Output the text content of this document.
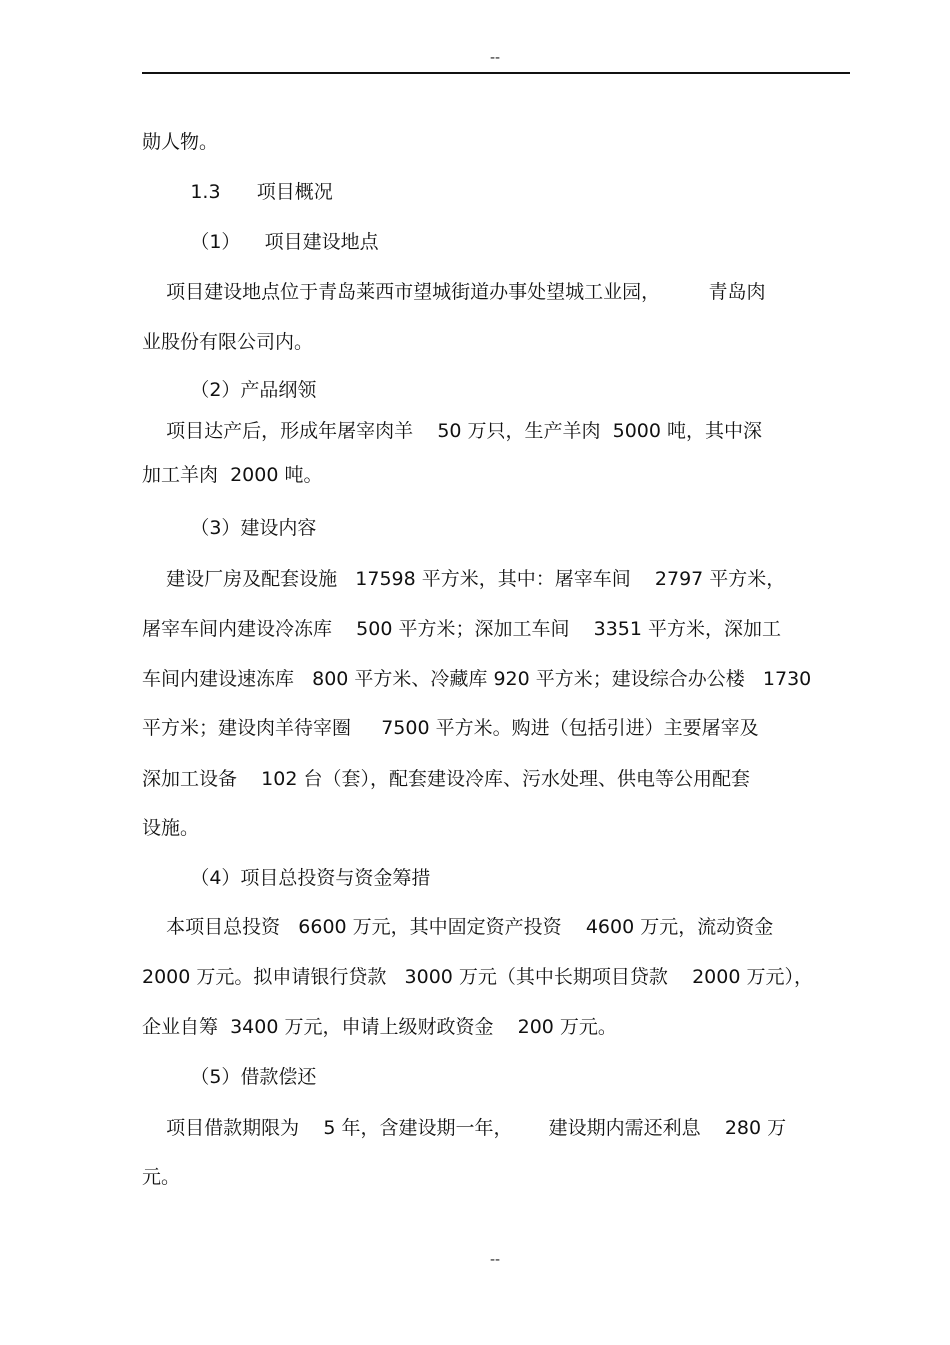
--
勋人物。
1.3      项目概况
（1）    项目建设地点
项目建设地点位于青岛莱西市望城街道办事处望城工业园，        青岛肉
业股份有限公司内。
（2）产品纲领
项目达产后，形成年屠宰肉羊    50 万只，生产羊肉  5000 吨，其中深
加工羊肉  2000 吨。
（3）建设内容
建设厂房及配套设施   17598 平方米，其中：屠宰车间    2797 平方米，
屠宰车间内建设冷冻库    500 平方米；深加工车间    3351 平方米，深加工
车间内建设速冻库   800 平方米、冷藏库 920 平方米；建设综合办公楼   1730
平方米；建设肉羊待宰圈     7500 平方米。购进（包括引进）主要屠宰及
深加工设备    102 台（套），配套建设冷库、污水处理、供电等公用配套
设施。
（4）项目总投资与资金筹措
本项目总投资   6600 万元，其中固定资产投资    4600 万元，流动资金
2000 万元。拟申请银行贷款   3000 万元（其中长期项目贷款    2000 万元），
企业自筹  3400 万元，申请上级财政资金    200 万元。
（5）借款偿还
项目借款期限为    5 年，含建设期一年，      建设期内需还利息    280 万
元。
--
